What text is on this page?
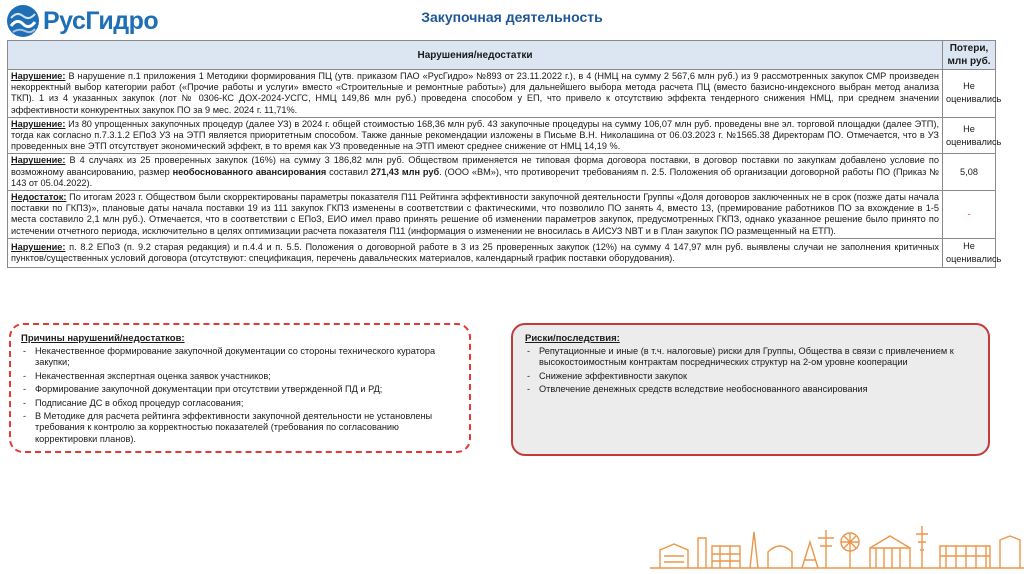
РусГидро	Закупочная деятельность
Нарушения/недостатки	Потери, млн руб.
Нарушение: В нарушение п.1 приложения 1 Методики формирования ПЦ (утв. приказом ПАО «РусГидро» №893 от 23.11.2022 г.), в 4 (НМЦ на сумму 2 567,6 млн руб.) из 9 рассмотренных закупок СМР произведен некорректный выбор категории работ («Прочие работы и услуги» вместо «Строительные и ремонтные работы») для дальнейшего выбора метода расчета ПЦ (вместо базисно-индексного выбран метод анализа ТКП). 1 из 4 указанных закупок (лот № 0306-КС ДОХ-2024-УСГС, НМЦ 149,86 млн руб.) проведена способом у ЕП, что привело к отсутствию эффекта тендерного снижения НМЦ, при среднем значении эффективности конкурентных закупок ПО за 9 мес. 2024 г. 11,71%.	Не оценивались
Нарушение: Из 80 упрощенных закупочных процедур (далее УЗ) в 2024 г. общей стоимостью 168,36 млн руб. 43 закупочные процедуры на сумму 106,07 млн руб. проведены вне эл. торговой площадки (далее ЭТП), тогда как согласно п.7.3.1.2 ЕПоЗ УЗ на ЭТП является приоритетным способом. Также данные рекомендации изложены в Письме В.Н. Николашина от 06.03.2023 г. №1565.38 Директорам ПО. Отмечается, что в УЗ проведенных вне ЭТП отсутствует экономический эффект, в то время как УЗ проведенные на ЭТП имеют среднее снижение от НМЦ 14,19 %.	Не оценивались
Нарушение: В 4 случаях из 25 проверенных закупок (16%) на сумму 3 186,82 млн руб. Обществом применяется не типовая форма договора поставки, в договор поставки по закупкам добавлено условие по возможному авансированию, размер необоснованного авансирования составил 271,43 млн руб. (ООО «ВМ»), что противоречит требованиям п. 2.5. Положения об организации договорной работы ПО (Приказ № 143 от 05.04.2022).	5,08
Недостаток: По итогам 2023 г. Обществом были скорректированы параметры показателя П11 Рейтинга эффективности закупочной деятельности Группы «Доля договоров заключенных не в срок (позже даты начала поставки по ГКПЗ)», плановые даты начала поставки 19 из 111 закупок ГКПЗ изменены в соответствии с фактическими, что позволило ПО занять 4, вместо 13, (премирование работников ПО за вхождение в 1-5 места составило 2,1 млн руб.). Отмечается, что в соответствии с ЕПоЗ, ЕИО имел право принять решение об изменении параметров закупок, предусмотренных ГКПЗ, однако указанное решение было принято по истечении отчетного периода, исключительно в целях оптимизации расчета показателя П11 (информация о изменении не вносилась в АИСУЗ NBT и в План закупок ПО размещенный на ЕТП).	-
Нарушение: п. 8.2 ЕПоЗ (п. 9.2 старая редакция) и п.4.4 и п. 5.5. Положения о договорной работе в 3 из 25 проверенных закупок (12%) на сумму 4 147,97 млн руб. выявлены случаи не заполнения критичных пунктов/существенных условий договора (отсутствуют: спецификация, перечень давальческих материалов, календарный график поставки оборудования).	Не оценивались
Причины нарушений/недостатков:
- Некачественное формирование закупочной документации со стороны технического куратора закупки;
- Некачественная экспертная оценка заявок участников;
- Формирование закупочной документации при отсутствии утвержденной ПД и РД;
- Подписание ДС в обход процедур согласования;
- В Методике для расчета рейтинга эффективности закупочной деятельности не установлены требования к контролю за корректностью показателей (требования по согласованию корректировки планов).
Риски/последствия:
- Репутационные и иные (в т.ч. налоговые) риски для Группы, Общества в связи с привлечением к высокостоимостным контрактам посреднических структур на 2-ом уровне кооперации
- Снижение эффективности закупок
- Отвлечение денежных средств вследствие необоснованного авансирования
